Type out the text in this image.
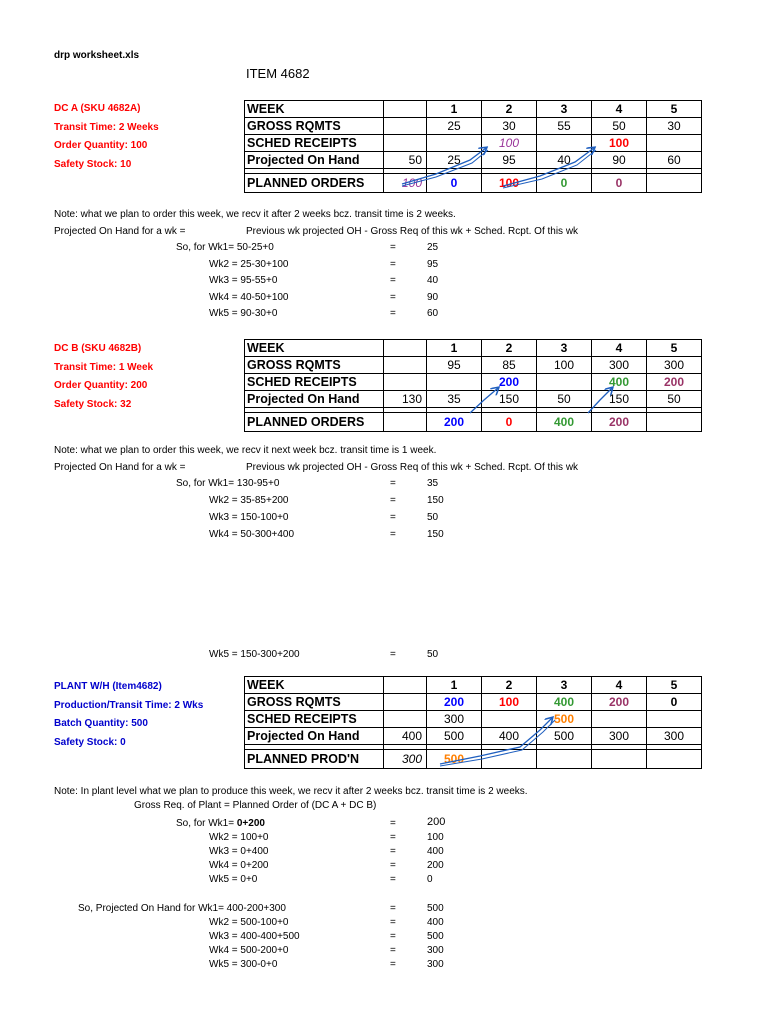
drp worksheet.xls
ITEM 4682
DC A (SKU 4682A)
Transit Time: 2 Weeks
Order Quantity: 100
Safety Stock: 10
WEEK		1	2	3	4	5
GROSS RQMTS		25	30	55	50	30
SCHED RECEIPTS			100		100	
Projected On Hand	50	25	95	40	90	60

PLANNED ORDERS	100	0	100	0	0	
Note: what we plan to order this week, we recv it after 2 weeks bcz. transit time is 2 weeks.
Projected On Hand for a wk =	Previous wk projected OH - Gross Req of this wk + Sched. Rcpt. Of this wk
So, for Wk1= 50-25+0	=	25
Wk2 = 25-30+100	=	95
Wk3 = 95-55+0	=	40
Wk4 = 40-50+100	=	90
Wk5 = 90-30+0	=	60
DC B (SKU 4682B)
Transit Time: 1 Week
Order Quantity: 200
Safety Stock: 32
WEEK		1	2	3	4	5
GROSS RQMTS		95	85	100	300	300
SCHED RECEIPTS			200		400	200
Projected On Hand	130	35	150	50	150	50

PLANNED ORDERS		200	0	400	200	
Note: what we plan to order this week, we recv it next week bcz. transit time is 1 week.
Projected On Hand for a wk =	Previous wk projected OH - Gross Req of this wk + Sched. Rcpt. Of this wk
So, for Wk1= 130-95+0	=	35
Wk2 = 35-85+200	=	150
Wk3 = 150-100+0	=	50
Wk4 = 50-300+400	=	150
Wk5 = 150-300+200	=	50
PLANT W/H (Item4682)
Production/Transit Time: 2 Wks
Batch Quantity: 500
Safety Stock: 0
WEEK		1	2	3	4	5
GROSS RQMTS		200	100	400	200	0
SCHED RECEIPTS		300		500		
Projected On Hand	400	500	400	500	300	300

PLANNED PROD'N	300	500				
Note: In plant level what we plan to produce this week, we recv it after 2 weeks bcz. transit time is 2 weeks.
Gross Req. of Plant = Planned Order of (DC A + DC B)
So, for Wk1= 0+200	=	200
Wk2 = 100+0	=	100
Wk3 = 0+400	=	400
Wk4 = 0+200	=	200
Wk5 = 0+0	=	0
So, Projected On Hand for Wk1= 400-200+300	=	500
Wk2 = 500-100+0	=	400
Wk3 = 400-400+500	=	500
Wk4 = 500-200+0	=	300
Wk5 = 300-0+0	=	300
